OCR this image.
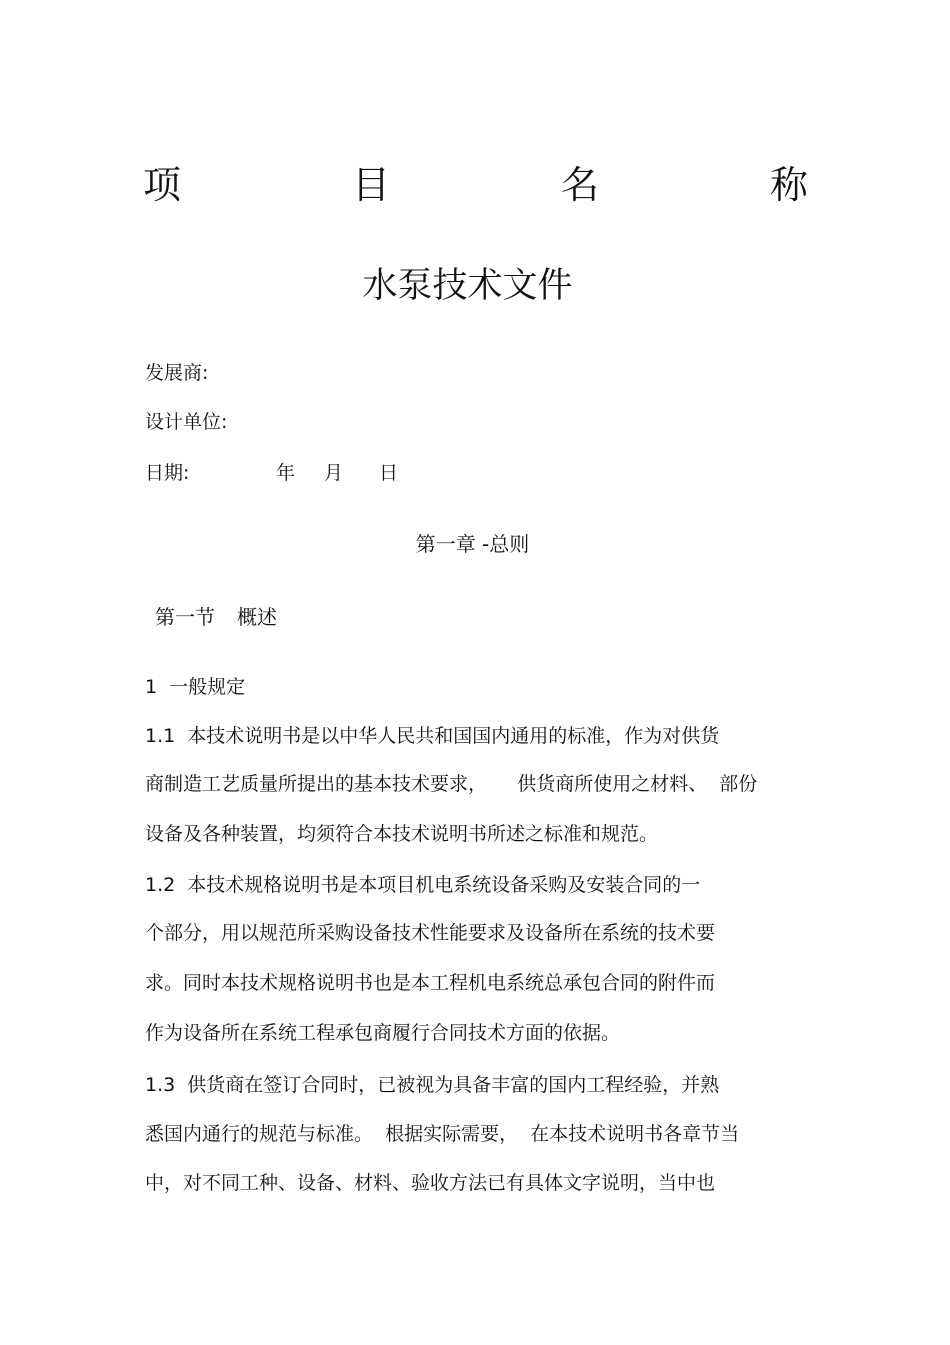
项	目	名	称
水泵技术文件
发展商:
设计单位:
日期:	年 月 日
第一章 -总则
第一节 概述
1  一般规定
1.1  本技术说明书是以中华人民共和国国内通用的标准，作为对供货
商制造工艺质量所提出的基本技术要求，     供货商所使用之材料、  部份
设备及各种装置，均须符合本技术说明书所述之标准和规范。
1.2  本技术规格说明书是本项目机电系统设备采购及安装合同的一
个部分，用以规范所采购设备技术性能要求及设备所在系统的技术要
求。同时本技术规格说明书也是本工程机电系统总承包合同的附件而
作为设备所在系统工程承包商履行合同技术方面的依据。
1.3  供货商在签订合同时，已被视为具备丰富的国内工程经验，并熟
悉国内通行的规范与标准。  根据实际需要，  在本技术说明书各章节当
中，对不同工种、设备、材料、验收方法已有具体文字说明，当中也
